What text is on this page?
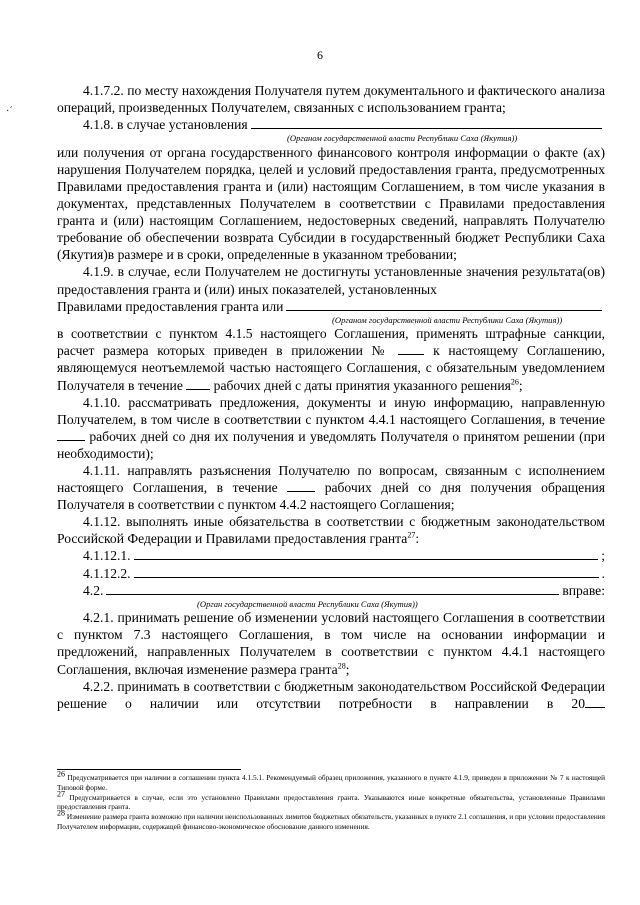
6
·´

4.1.7.2. по месту нахождения Получателя путем документального и фактического анализа операций, произведенных Получателем, связанных с использованием гранта;

4.1.8. в случае установления

(Органом государственной власти Республики Саха (Якутия))

или получения от органа государственного финансового контроля информации о факте (ах) нарушения Получателем порядка, целей и условий предоставления гранта, предусмотренных Правилами предоставления гранта и (или) настоящим Соглашением, в том числе указания в документах, представленных Получателем в соответствии с Правилами предоставления гранта и (или) настоящим Соглашением, недостоверных сведений, направлять Получателю требование об обеспечении возврата Субсидии в государственный бюджет Республики Саха (Якутия)в размере и в сроки, определенные в указанном требовании;

4.1.9. в случае, если Получателем не достигнуты установленные значения результата(ов) предоставления гранта и (или) иных показателей, установленных

Правилами предоставления гранта или

(Органом государственной власти Республики Саха (Якутия))

в соответствии с пунктом 4.1.5 настоящего Соглашения, применять штрафные санкции, расчет размера которых приведен в приложении №	к настоящему Соглашению, являющемуся неотъемлемой частью настоящего Соглашения, с обязательным уведомлением Получателя в течение рабочих дней с даты принятия указанного решения$^{26}$;

4.1.10. рассматривать предложения, документы и иную информацию, направленную Получателем, в том числе в соответствии с пунктом 4.4.1 настоящего Соглашения, в течение  рабочих дней со дня их получения и уведомлять Получателя о принятом решении (при необходимости);

4.1.11. направлять разъяснения Получателю по вопросам, связанным с исполнением настоящего Соглашения, в течение	рабочих дней со дня получения обращения Получателя в соответствии с пунктом 4.4.2 настоящего Соглашения;

4.1.12. выполнять иные обязательства в соответствии с бюджетным законодательством Российской Федерации и Правилами предоставления гранта$^{27}$:

4.1.12.1.	;
4.1.12.2.	.
4.2.	вправе:

(Орган государственной власти Республики Саха (Якутия))

4.2.1. принимать решение об изменении условий настоящего Соглашения в соответствии с пунктом 7.3 настоящего Соглашения, в том числе на основании информации и предложений, направленных Получателем в соответствии с пунктом 4.4.1 настоящего Соглашения, включая изменение размера гранта$^{28}$;

4.2.2. принимать в соответствии с бюджетным законодательством Российской Федерации решение о наличии или отсутствии потребности в направлении в 20

26 Предусматривается при наличии в соглашении пункта 4.1.5.1. Рекомендуемый образец приложения, указанного в пункте 4.1.9, приведен в приложении № 7 к настоящей Типовой форме.

27 Предусматривается в случае, если это установлено Правилами предоставления гранта. Указываются иные конкретные обязательства, установленные Правилами предоставления гранта.

28 Изменение размера гранта возможно при наличии неиспользованных лимитов бюджетных обязательств, указанных в пункте 2.1 соглашения, и при условии предоставления Получателем информации, содержащей финансово-экономическое обоснование данного изменения.
